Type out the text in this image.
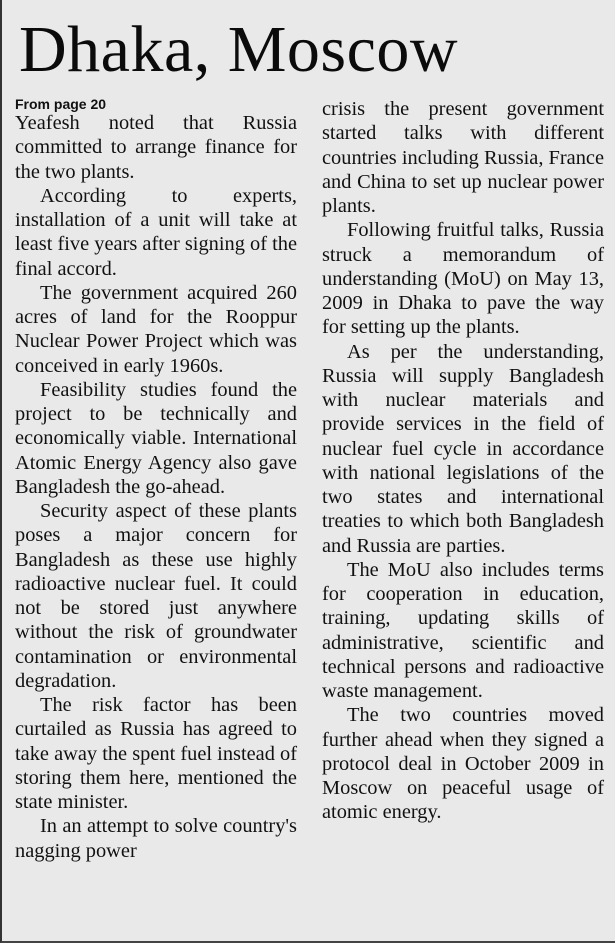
Dhaka, Moscow
From page 20

Yeafesh noted that Russia committed to arrange finance for the two plants.

According to experts, installation of a unit will take at least five years after signing of the final accord.

The government acquired 260 acres of land for the Rooppur Nuclear Power Project which was conceived in early 1960s.

Feasibility studies found the project to be technically and economically viable. International Atomic Energy Agency also gave Bangladesh the go-ahead.

Security aspect of these plants poses a major concern for Bangladesh as these use highly radioactive nuclear fuel. It could not be stored just anywhere without the risk of groundwater contamination or environmental degradation.

The risk factor has been curtailed as Russia has agreed to take away the spent fuel instead of storing them here, mentioned the state minister.

In an attempt to solve country's nagging power

crisis the present government started talks with different countries including Russia, France and China to set up nuclear power plants.

Following fruitful talks, Russia struck a memorandum of understanding (MoU) on May 13, 2009 in Dhaka to pave the way for setting up the plants.

As per the understanding, Russia will supply Bangladesh with nuclear materials and provide services in the field of nuclear fuel cycle in accordance with national legislations of the two states and international treaties to which both Bangladesh and Russia are parties.

The MoU also includes terms for cooperation in education, training, updating skills of administrative, scientific and technical persons and radioactive waste management.

The two countries moved further ahead when they signed a protocol deal in October 2009 in Moscow on peaceful usage of atomic energy.
